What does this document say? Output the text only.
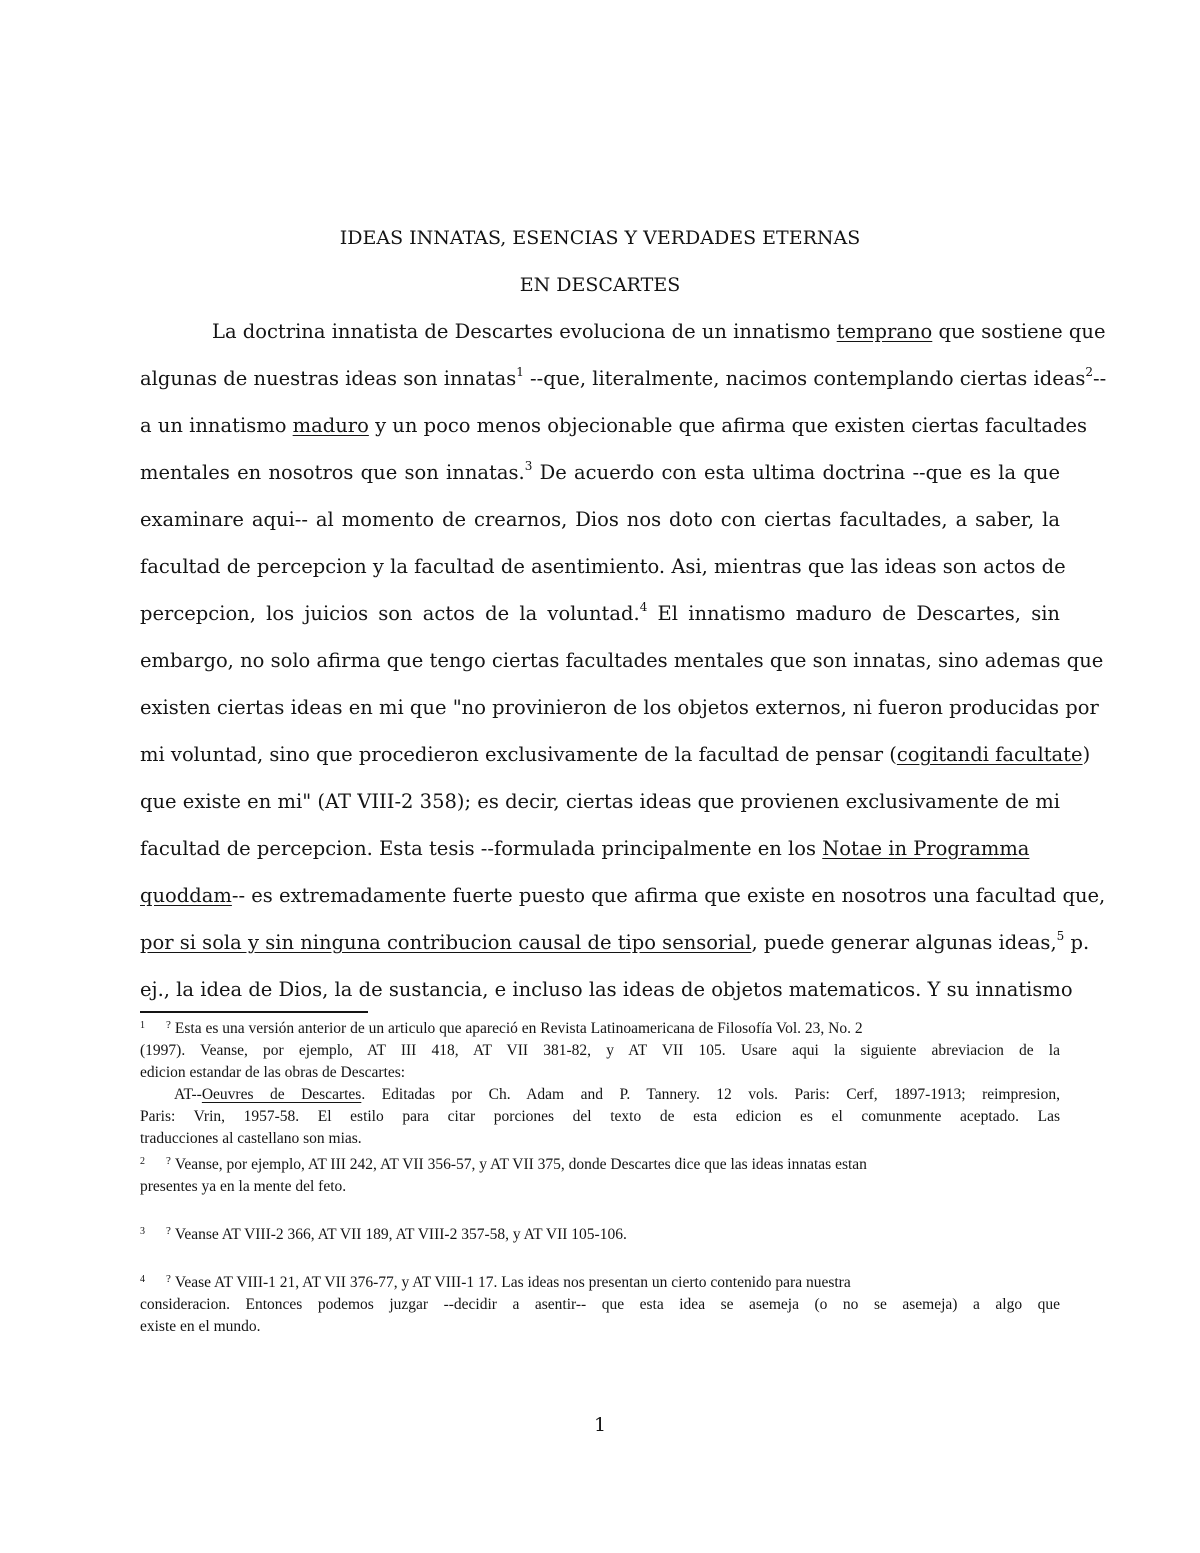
IDEAS INNATAS, ESENCIAS Y VERDADES ETERNAS
EN DESCARTES
La doctrina innatista de Descartes evoluciona de un innatismo temprano que sostiene que
algunas de nuestras ideas son innatas$^1$ --que, literalmente, nacimos contemplando ciertas ideas$^2$--
a un innatismo maduro y un poco menos objecionable que afirma que existen ciertas facultades
mentales en nosotros que son innatas.$^3$ De acuerdo con esta ultima doctrina --que es la que
examinare aqui-- al momento de crearnos, Dios nos doto con ciertas facultades, a saber, la
facultad de percepcion y la facultad de asentimiento. Asi, mientras que las ideas son actos de
percepcion, los juicios son actos de la voluntad.$^4$ El innatismo maduro de Descartes, sin
embargo, no solo afirma que tengo ciertas facultades mentales que son innatas, sino ademas que
existen ciertas ideas en mi que "no provinieron de los objetos externos, ni fueron producidas por
mi voluntad, sino que procedieron exclusivamente de la facultad de pensar (cogitandi facultate)
que existe en mi" (AT VIII-2 358); es decir, ciertas ideas que provienen exclusivamente de mi
facultad de percepcion. Esta tesis --formulada principalmente en los Notae in Programma
quoddam-- es extremadamente fuerte puesto que afirma que existe en nosotros una facultad que,
por si sola y sin ninguna contribucion causal de tipo sensorial, puede generar algunas ideas,$^5$ p.
ej., la idea de Dios, la de sustancia, e incluso las ideas de objetos matematicos. Y su innatismo
1 ? Esta es una versión anterior de un articulo que apareció en Revista Latinoamericana de Filosofía Vol. 23, No. 2
(1997). Veanse, por ejemplo, AT III 418, AT VII 381-82, y AT VII 105. Usare aqui la siguiente abreviacion de la
edicion estandar de las obras de Descartes:
AT--Oeuvres de Descartes. Editadas por Ch. Adam and P. Tannery. 12 vols. Paris: Cerf, 1897-1913; reimpresion,
Paris: Vrin, 1957-58. El estilo para citar porciones del texto de esta edicion es el comunmente aceptado. Las
traducciones al castellano son mias.
2 ? Veanse, por ejemplo, AT III 242, AT VII 356-57, y AT VII 375, donde Descartes dice que las ideas innatas estan
presentes ya en la mente del feto.
3 ? Veanse AT VIII-2 366, AT VII 189, AT VIII-2 357-58, y AT VII 105-106.
4 ? Vease AT VIII-1 21, AT VII 376-77, y AT VIII-1 17. Las ideas nos presentan un cierto contenido para nuestra
consideracion. Entonces podemos juzgar --decidir a asentir-- que esta idea se asemeja (o no se asemeja) a algo que
existe en el mundo.
1
